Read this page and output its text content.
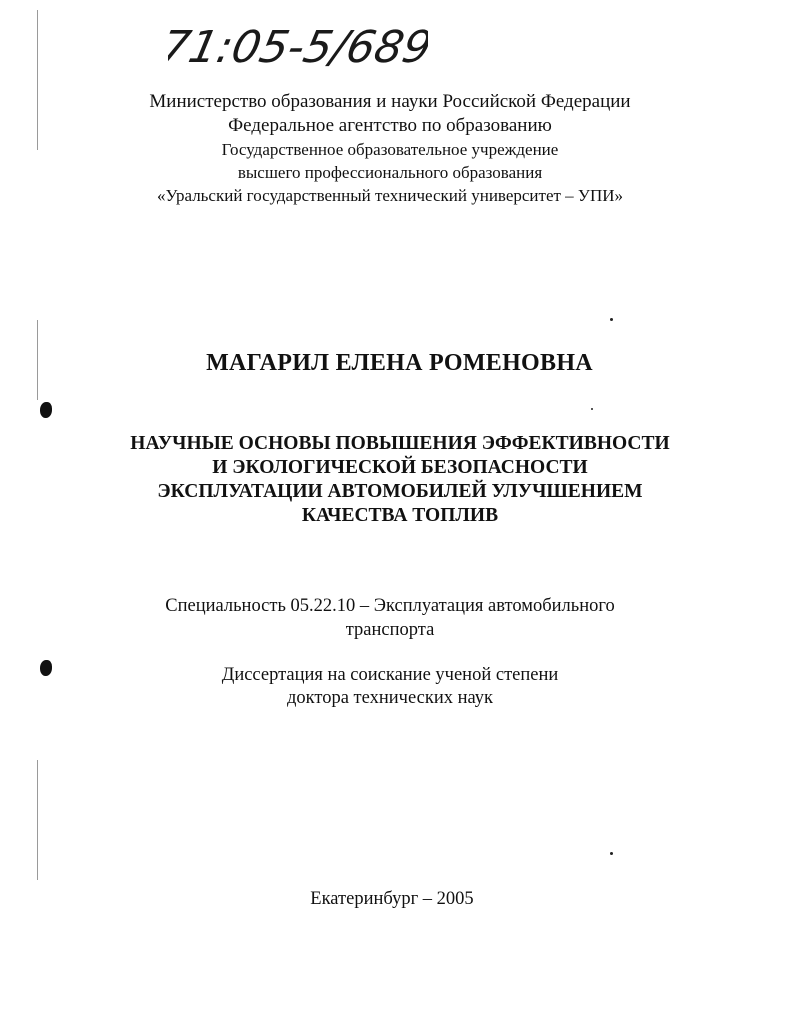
71:05-5/689
Министерство образования и науки Российской Федерации
Федеральное агентство по образованию
Государственное образовательное учреждение
высшего профессионального образования
«Уральский государственный технический университет – УПИ»
МАГАРИЛ ЕЛЕНА РОМЕНОВНА
НАУЧНЫЕ ОСНОВЫ ПОВЫШЕНИЯ ЭФФЕКТИВНОСТИ
И ЭКОЛОГИЧЕСКОЙ БЕЗОПАСНОСТИ
ЭКСПЛУАТАЦИИ АВТОМОБИЛЕЙ УЛУЧШЕНИЕМ
КАЧЕСТВА ТОПЛИВ
Специальность 05.22.10 – Эксплуатация автомобильного
транспорта
Диссертация на соискание ученой степени
доктора технических наук
Екатеринбург – 2005
